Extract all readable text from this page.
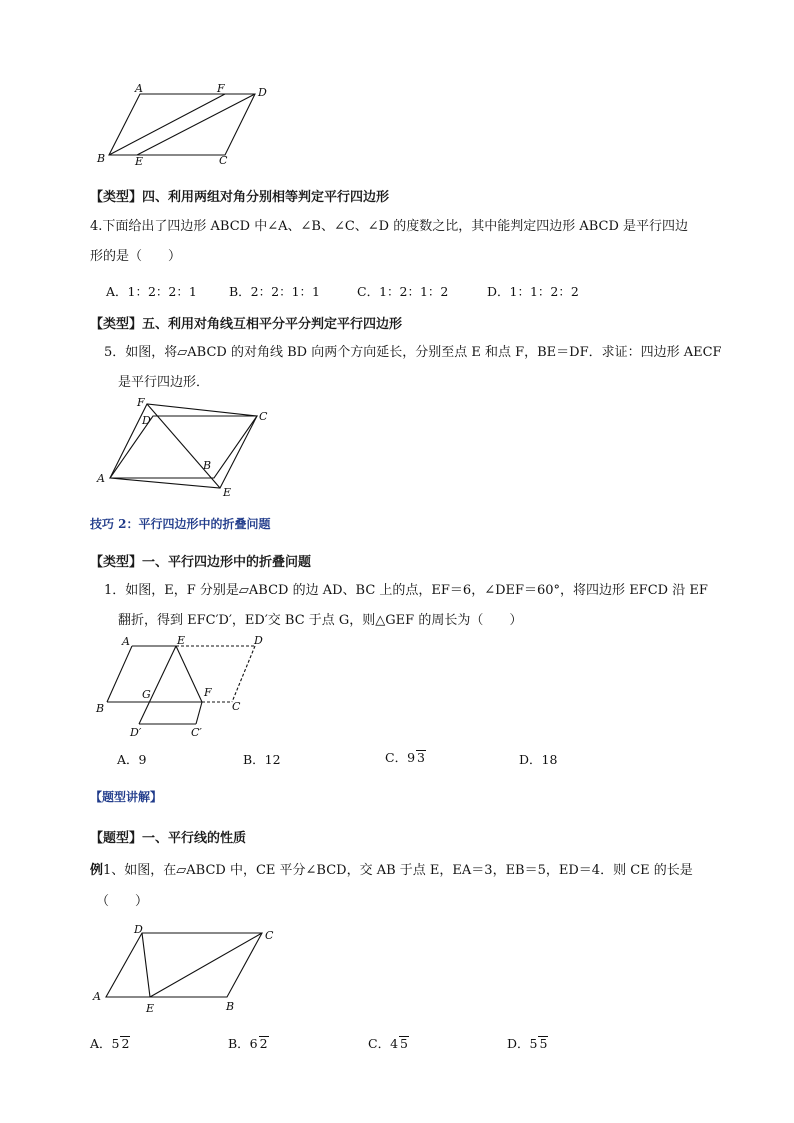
A	F	D
B	E	C
【类型】四、利用两组对角分别相等判定平行四边形
4.下面给出了四边形 ABCD 中∠A、∠B、∠C、∠D 的度数之比，其中能判定四边形 ABCD 是平行四边
形的是（　　）
A．1：2：2：1	B．2：2：1：1	C．1：2：1：2	D．1：1：2：2
【类型】五、利用对角线互相平分平分判定平行四边形
5．如图，将▱ABCD 的对角线 BD 向两个方向延长，分别至点 E 和点 F，BE＝DF．求证：四边形 AECF
是平行四边形．
F
D	C
A
B
E
技巧 2：平行四边形中的折叠问题
【类型】一、平行四边形中的折叠问题
1．如图，E，F 分别是▱ABCD 的边 AD、BC 上的点，EF＝6，∠DEF＝60°，将四边形 EFCD 沿 EF
翻折，得到 EFC′D′，ED′交 BC 于点 G，则△GEF 的周长为（　　）
A	E	D
G	F
B	C
D′	C′
A．9	B．12	C．9 3	D．18
【题型讲解】
【题型】一、平行线的性质
例1、如图，在▱ABCD 中，CE 平分∠BCD，交 AB 于点 E，EA＝3，EB＝5，ED＝4．则 CE 的长是
（　　）
D	C
A
E	B
A．5 2	B．6 2	C．4 5	D．5 5
